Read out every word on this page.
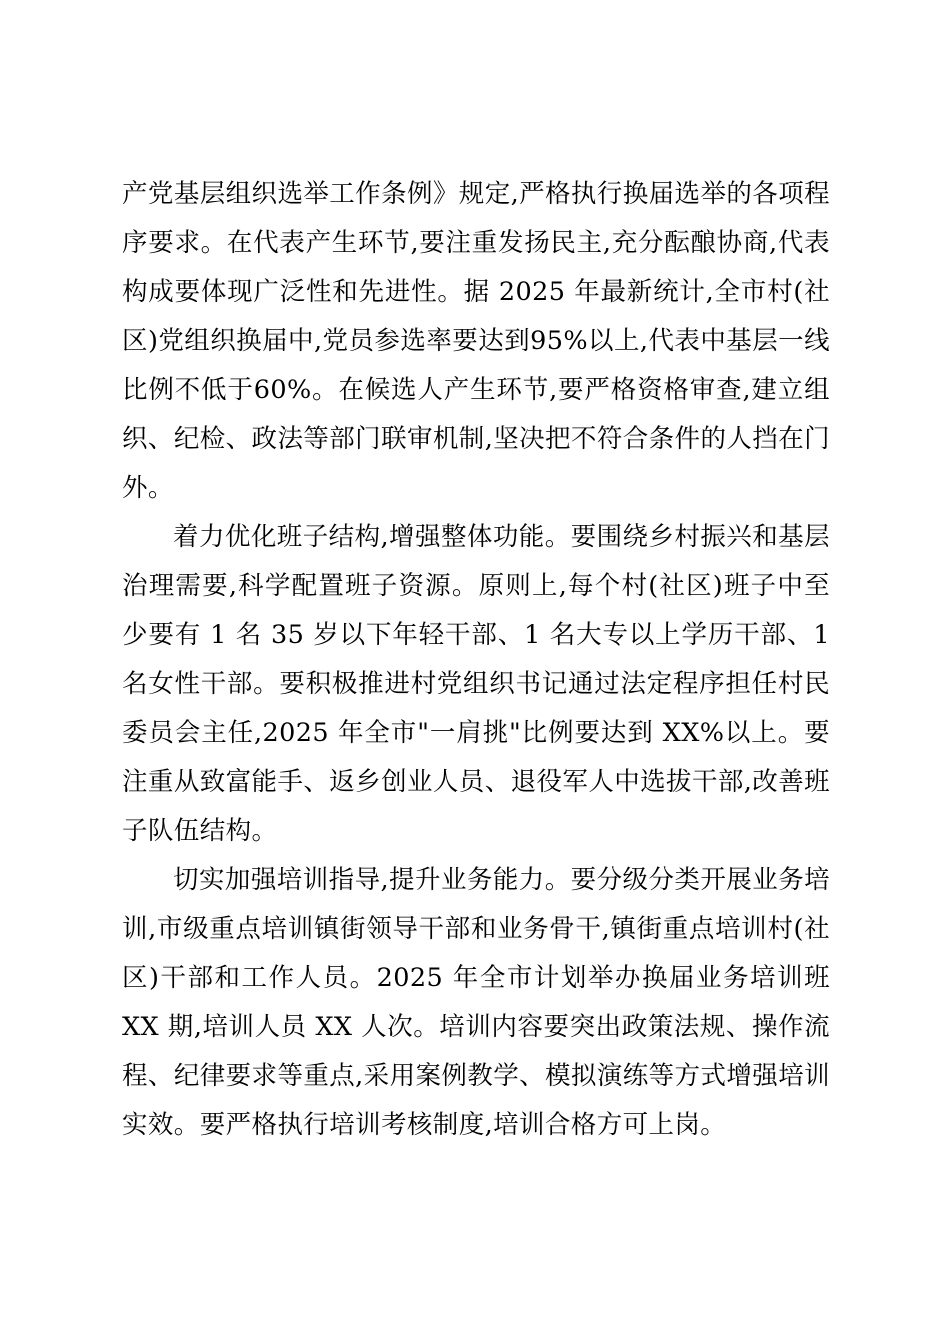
产党基层组织选举工作条例》规定,严格执行换届选举的各项程序要求。在代表产生环节,要注重发扬民主,充分酝酿协商,代表构成要体现广泛性和先进性。据 2025 年最新统计,全市村(社区)党组织换届中,党员参选率要达到95%以上,代表中基层一线比例不低于60%。在候选人产生环节,要严格资格审查,建立组织、纪检、政法等部门联审机制,坚决把不符合条件的人挡在门外。

着力优化班子结构,增强整体功能。要围绕乡村振兴和基层治理需要,科学配置班子资源。原则上,每个村(社区)班子中至少要有 1 名 35 岁以下年轻干部、1 名大专以上学历干部、1 名女性干部。要积极推进村党组织书记通过法定程序担任村民委员会主任,2025 年全市"一肩挑"比例要达到 XX%以上。要注重从致富能手、返乡创业人员、退役军人中选拔干部,改善班子队伍结构。

切实加强培训指导,提升业务能力。要分级分类开展业务培训,市级重点培训镇街领导干部和业务骨干,镇街重点培训村(社区)干部和工作人员。2025 年全市计划举办换届业务培训班 XX 期,培训人员 XX 人次。培训内容要突出政策法规、操作流程、纪律要求等重点,采用案例教学、模拟演练等方式增强培训实效。要严格执行培训考核制度,培训合格方可上岗。
